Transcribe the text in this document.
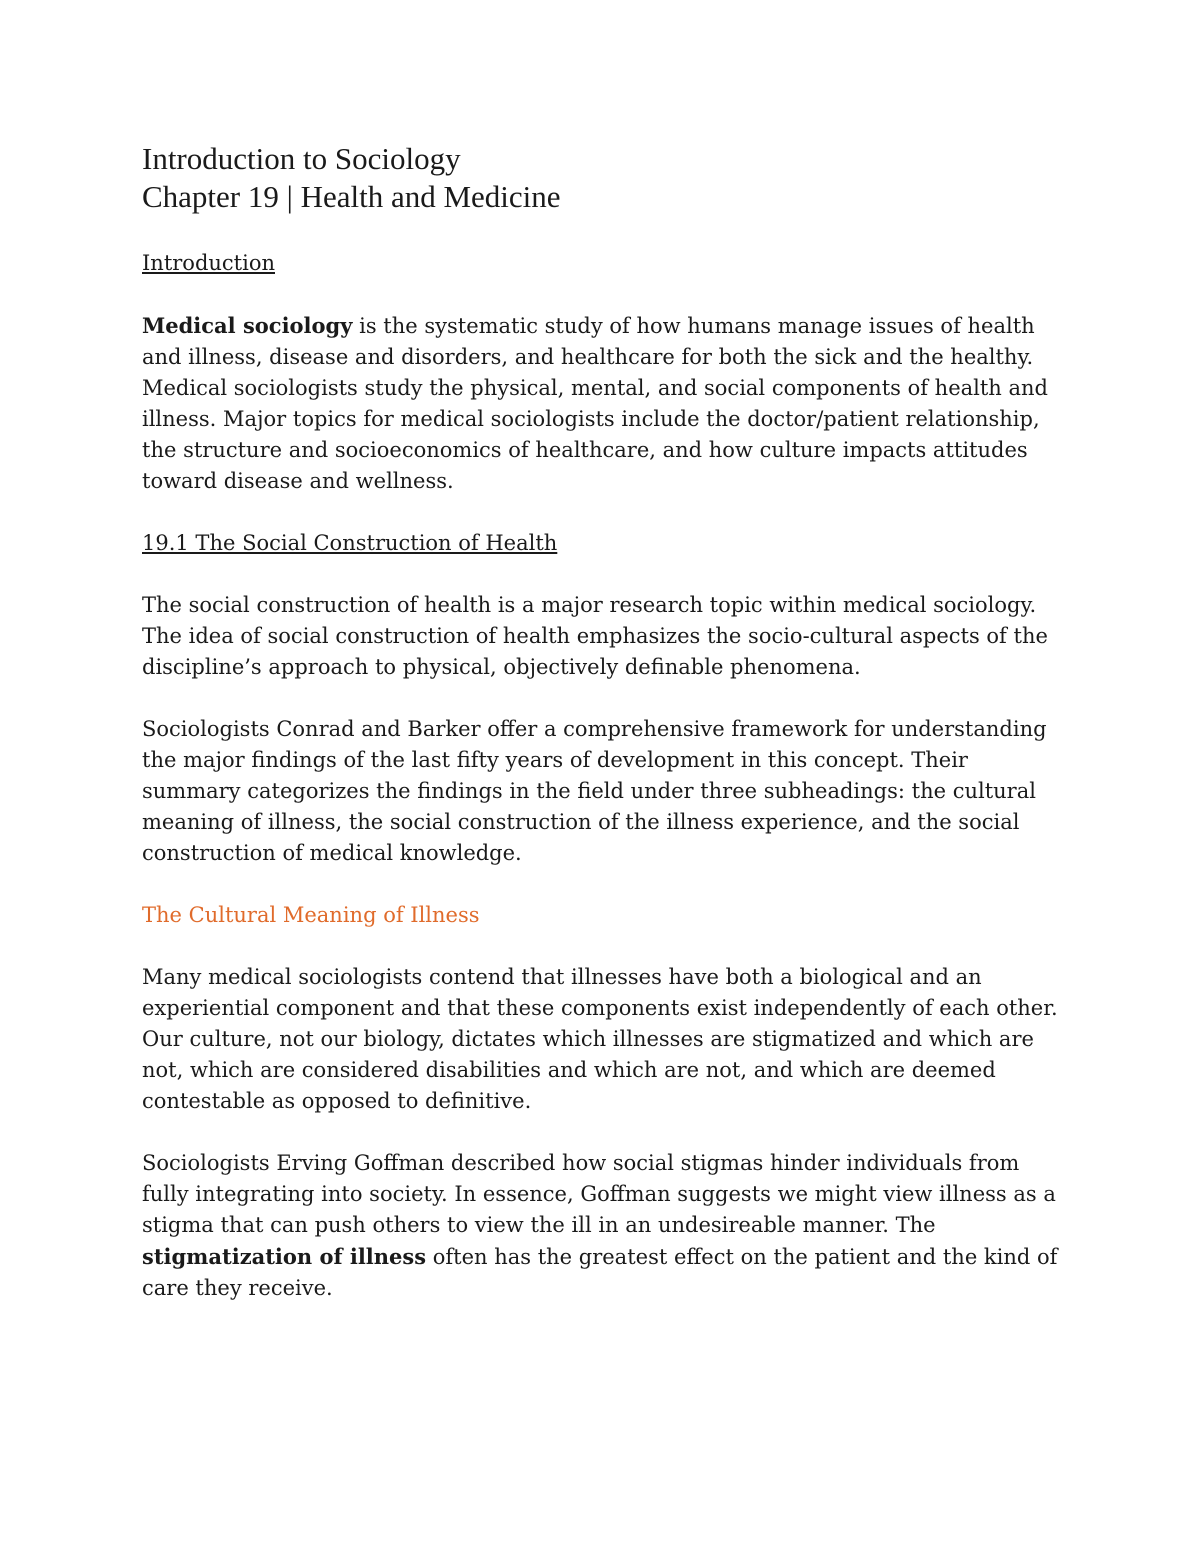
Introduction to Sociology
Chapter 19 | Health and Medicine
Introduction

Medical sociology is the systematic study of how humans manage issues of health and illness, disease and disorders, and healthcare for both the sick and the healthy. Medical sociologists study the physical, mental, and social components of health and illness. Major topics for medical sociologists include the doctor/patient relationship, the structure and socioeconomics of healthcare, and how culture impacts attitudes toward disease and wellness.

19.1 The Social Construction of Health

The social construction of health is a major research topic within medical sociology. The idea of social construction of health emphasizes the socio-cultural aspects of the discipline’s approach to physical, objectively definable phenomena.

Sociologists Conrad and Barker offer a comprehensive framework for understanding the major findings of the last fifty years of development in this concept. Their summary categorizes the findings in the field under three subheadings: the cultural meaning of illness, the social construction of the illness experience, and the social construction of medical knowledge.

The Cultural Meaning of Illness

Many medical sociologists contend that illnesses have both a biological and an experiential component and that these components exist independently of each other. Our culture, not our biology, dictates which illnesses are stigmatized and which are not, which are considered disabilities and which are not, and which are deemed contestable as opposed to definitive.

Sociologists Erving Goffman described how social stigmas hinder individuals from fully integrating into society. In essence, Goffman suggests we might view illness as a stigma that can push others to view the ill in an undesireable manner. The stigmatization of illness often has the greatest effect on the patient and the kind of care they receive.
